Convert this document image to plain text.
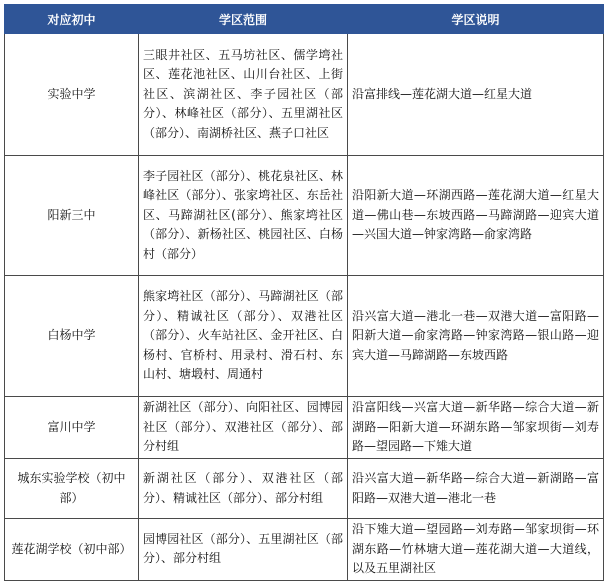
对应初中	学区范围	学区说明
实验中学	三眼井社区、五马坊社区、儒学塆社区、莲花池社区、山川台社区、上街社区、滨湖社区、李子园社区（部分）、林峰社区（部分）、五里湖社区（部分）、南湖桥社区、燕子口社区	沿富排线—莲花湖大道—红星大道
阳新三中	李子园社区（部分）、桃花泉社区、林峰社区（部分）、张家塆社区、东岳社区、马蹄湖社区(部分）、熊家塆社区（部分）、新杨社区、桃园社区、白杨村（部分）	沿阳新大道—环湖西路—莲花湖大道—红星大道—佛山巷—东坡西路—马蹄湖路—迎宾大道—兴国大道—钟家湾路—俞家湾路
白杨中学	熊家塆社区（部分）、马蹄湖社区（部分）、精诚社区（部分）、双港社区（部分）、火车站社区、金开社区、白杨村、官桥村、用录村、滑石村、东山村、塘塅村、周通村	沿兴富大道—港北一巷—双港大道—富阳路—阳新大道—俞家湾路—钟家湾路—银山路—迎宾大道—马蹄湖路—东坡西路
富川中学	新湖社区（部分）、向阳社区、园博园社区（部分）、双港社区（部分）、部分村组	沿富阳线—兴富大道—新华路—综合大道—新湖路—阳新大道—环湖东路—邹家坝街—刘寿路—望园路—下雉大道
城东实验学校（初中部）	新湖社区（部分）、双港社区（部分）、精诚社区（部分）、部分村组	沿兴富大道—新华路—综合大道—新湖路—富阳路—双港大道—港北一巷
莲花湖学校（初中部）	园博园社区（部分）、五里湖社区（部分）、部分村组	沿下雉大道—望园路—刘寿路—邹家坝街—环湖东路—竹林塘大道—莲花湖大道—大道线，以及五里湖社区
